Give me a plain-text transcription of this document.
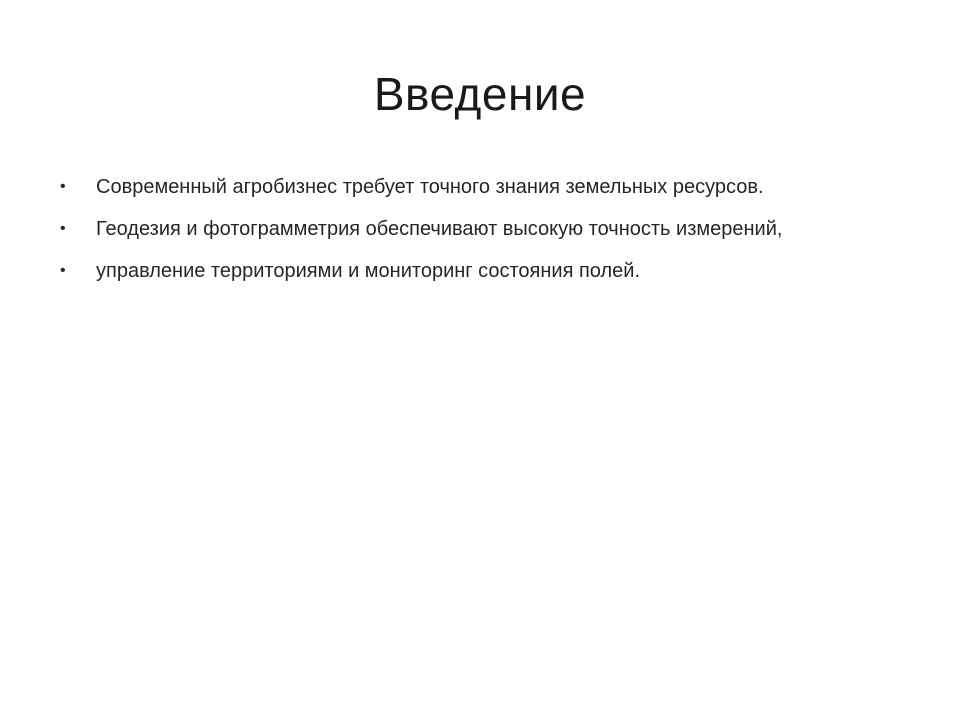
Введение
•	Современный агробизнес требует точного знания земельных ресурсов.
•	Геодезия и фотограмметрия обеспечивают высокую точность измерений,
•	управление территориями и мониторинг состояния полей.
